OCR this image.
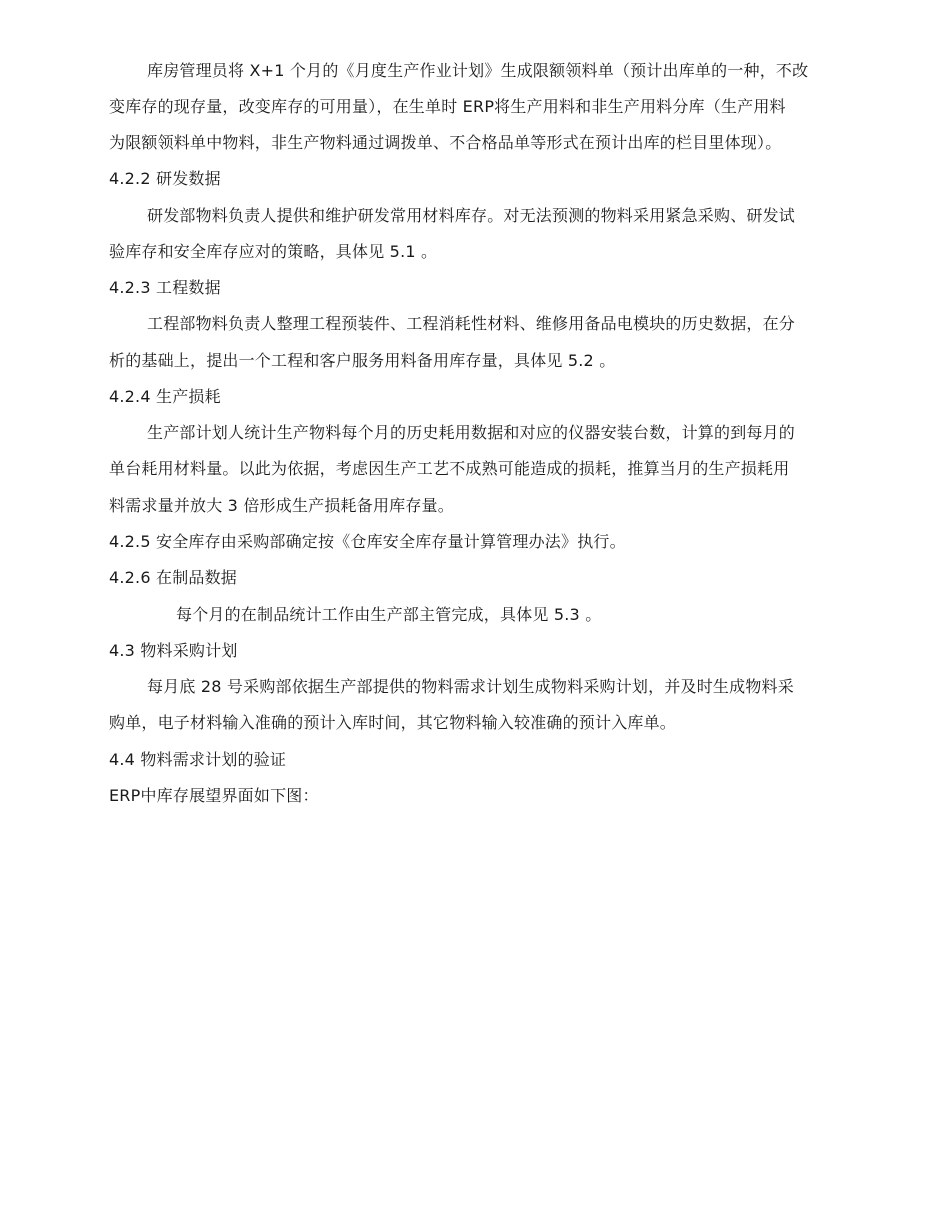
库房管理员将 X+1 个月的《月度生产作业计划》生成限额领料单（预计出库单的一种，不改
变库存的现存量，改变库存的可用量），在生单时 ERP将生产用料和非生产用料分库（生产用料
为限额领料单中物料，非生产物料通过调拨单、不合格品单等形式在预计出库的栏目里体现）。
4.2.2 研发数据
研发部物料负责人提供和维护研发常用材料库存。对无法预测的物料采用紧急采购、研发试
验库存和安全库存应对的策略，具体见 5.1 。
4.2.3 工程数据
工程部物料负责人整理工程预装件、工程消耗性材料、维修用备品电模块的历史数据，在分
析的基础上，提出一个工程和客户服务用料备用库存量，具体见 5.2 。
4.2.4 生产损耗
生产部计划人统计生产物料每个月的历史耗用数据和对应的仪器安装台数，计算的到每月的
单台耗用材料量。以此为依据，考虑因生产工艺不成熟可能造成的损耗，推算当月的生产损耗用
料需求量并放大 3 倍形成生产损耗备用库存量。
4.2.5 安全库存由采购部确定按《仓库安全库存量计算管理办法》执行。
4.2.6 在制品数据
每个月的在制品统计工作由生产部主管完成，具体见 5.3 。
4.3 物料采购计划
每月底 28 号采购部依据生产部提供的物料需求计划生成物料采购计划，并及时生成物料采
购单，电子材料输入准确的预计入库时间，其它物料输入较准确的预计入库单。
4.4 物料需求计划的验证
ERP中库存展望界面如下图：
